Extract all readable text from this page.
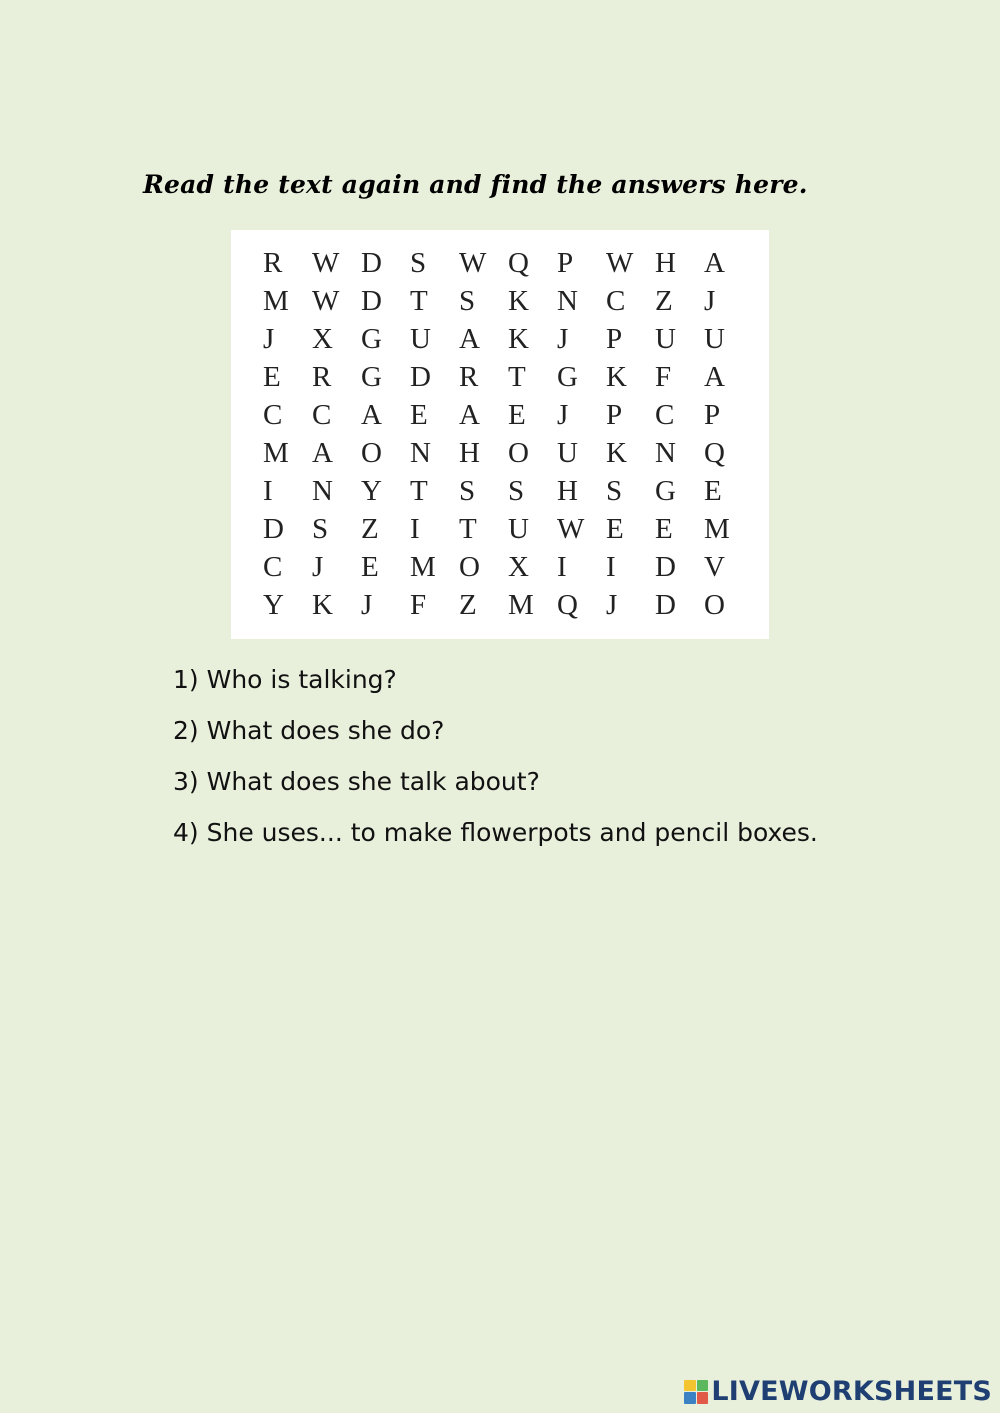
Read the text again and find the answers here.
R	W D S	W Q P	W H A
M W D T	S	K N C	Z	J
J	X G U A K J	P	U U
E	R	G D R	T	G K F	A
C	C	A E	A E	J	P	C	P
M A O N H O U K N Q
I	N Y T	S	S	H S	G E
D S	Z	I	T	U W E	E	M
C	J	E	M O X I	I	D V
Y K J	F	Z	M Q J	D O
1) Who is talking?
2) What does she do?
3) What does she talk about?
4) She uses... to make flowerpots and pencil boxes.
LIVEWORKSHEETS
